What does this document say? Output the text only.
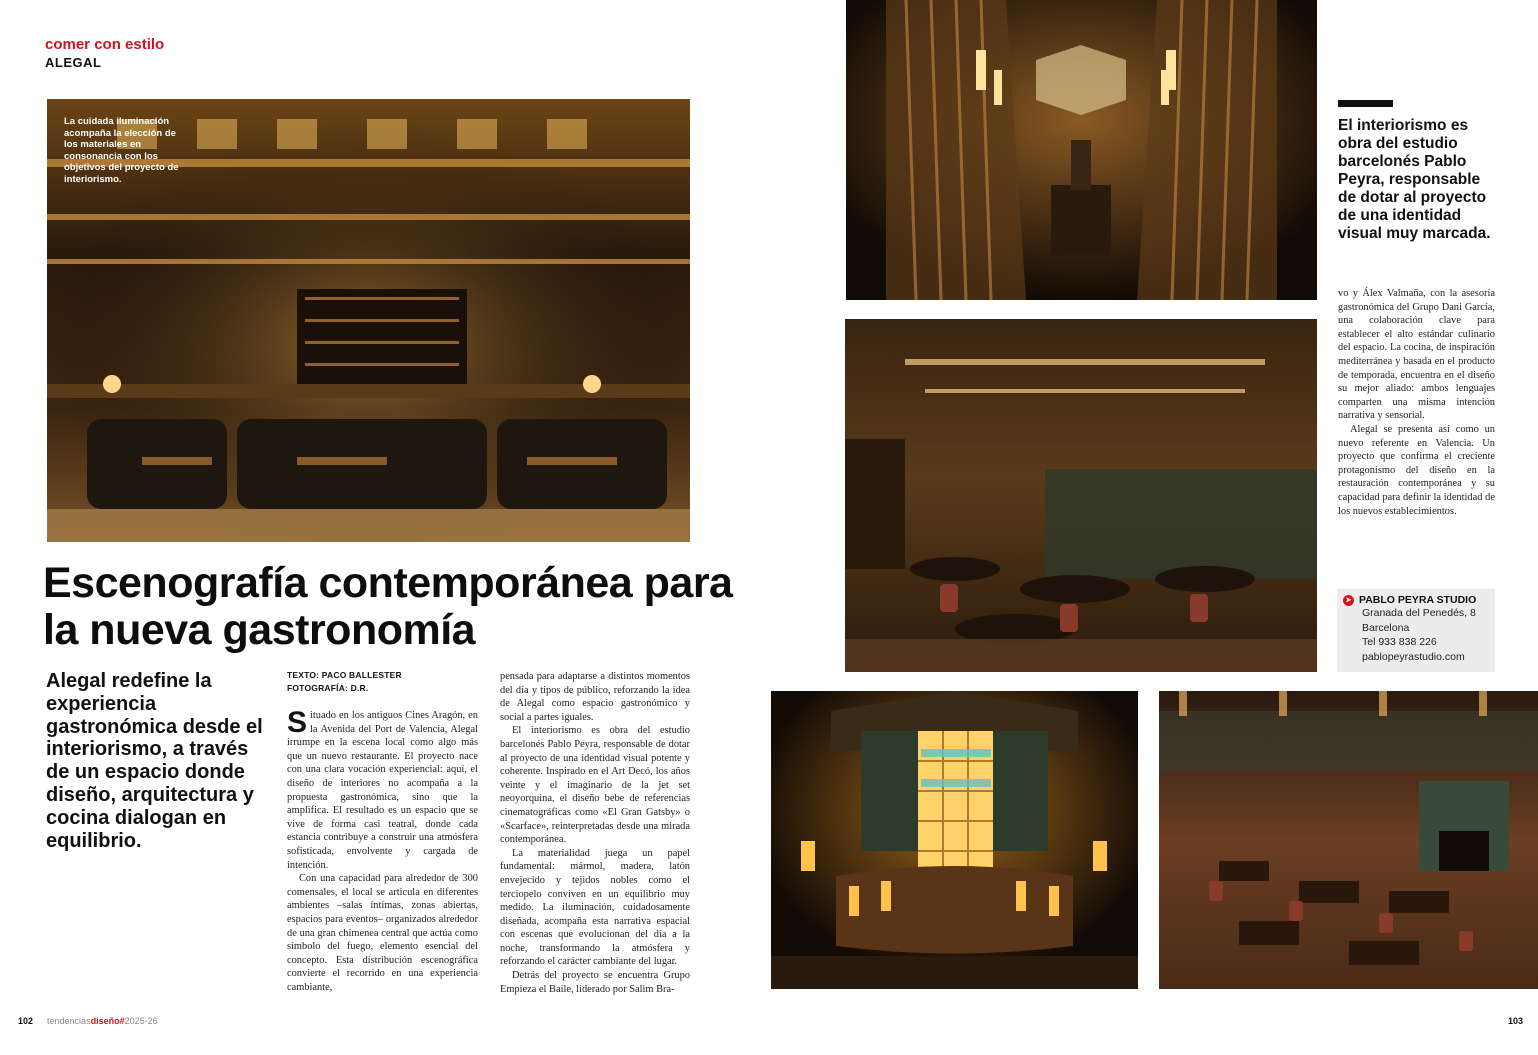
comer con estilo
ALEGAL
La cuidada iluminación acompaña la elección de los materiales en consonancia con los objetivos del proyecto de interiorismo.
El interiorismo es obra del estudio barcelonés Pablo Peyra, responsable de dotar al proyecto de una identidad visual muy marcada.

vo y Álex Valmaña, con la asesoría gastronómica del Grupo Dani García, una colaboración clave para establecer el alto estándar culinario del espacio. La cocina, de inspiración mediterránea y basada en el producto de temporada, encuentra en el diseño su mejor aliado: ambos lenguajes comparten una misma intención narrativa y sensorial.

Alegal se presenta así como un nuevo referente en Valencia. Un proyecto que confirma el creciente protagonismo del diseño en la restauración contemporánea y su capacidad para definir la identidad de los nuevos establecimientos.

➤ PABLO PEYRA STUDIO
Granada del Penedés, 8
Barcelona
Tel 933 838 226
pablopeyrastudio.com
Escenografía contemporánea para la nueva gastronomía
Alegal redefine la experiencia gastronómica desde el interiorismo, a través de un espacio donde diseño, arquitectura y cocina dialogan en equilibrio.
TEXTO: PACO BALLESTER
FOTOGRAFÍA: D.R.

Situado en los antiguos Cines Aragón, en la Avenida del Port de Valencia, Alegal irrumpe en la escena local como algo más que un nuevo restaurante. El proyecto nace con una clara vocación experiencial: aquí, el diseño de interiores no acompaña a la propuesta gastronómica, sino que la amplifica. El resultado es un espacio que se vive de forma casi teatral, donde cada estancia contribuye a construir una atmósfera sofisticada, envolvente y cargada de intención.

Con una capacidad para alrededor de 300 comensales, el local se articula en diferentes ambientes –salas íntimas, zonas abiertas, espacios para eventos– organizados alrededor de una gran chimenea central que actúa como símbolo del fuego, elemento esencial del concepto. Esta distribución escenográfica convierte el recorrido en una experiencia cambiante,

pensada para adaptarse a distintos momentos del día y tipos de público, reforzando la idea de Alegal como espacio gastronómico y social a partes iguales.

El interiorismo es obra del estudio barcelonés Pablo Peyra, responsable de dotar al proyecto de una identidad visual potente y coherente. Inspirado en el Art Decó, los años veinte y el imaginario de la jet set neoyorquina, el diseño bebe de referencias cinematográficas como «El Gran Gatsby» o «Scarface», reinterpretadas desde una mirada contemporánea.

La materialidad juega un papel fundamental: mármol, madera, latón envejecido y tejidos nobles como el terciopelo conviven en un equilibrio muy medido. La iluminación, cuidadosamente diseñada, acompaña esta narrativa espacial con escenas que evolucionan del día a la noche, transformando la atmósfera y reforzando el carácter cambiante del lugar.

Detrás del proyecto se encuentra Grupo Empieza el Baile, liderado por Salim Bra-

102 tendenciasdiseño#2025-26	103
